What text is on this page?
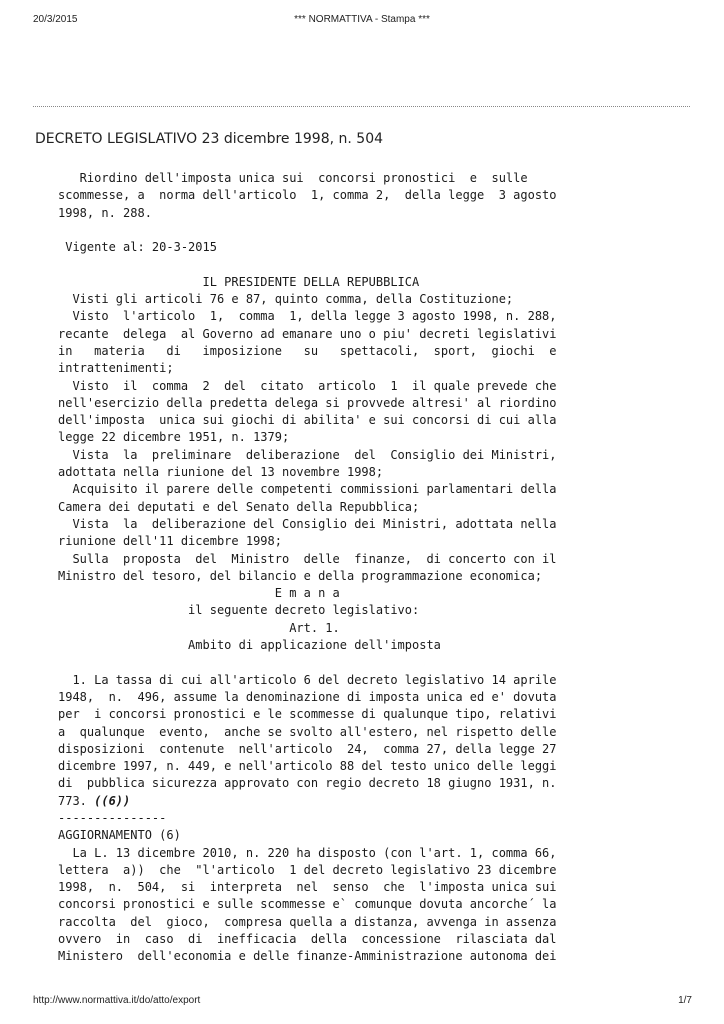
20/3/2015	*** NORMATTIVA - Stampa ***
DECRETO LEGISLATIVO 23 dicembre 1998, n. 504
Riordino dell'imposta unica sui  concorsi pronostici  e  sulle
scommesse, a  norma dell'articolo  1, comma 2,  della legge  3 agosto
1998, n. 288.

Vigente al: 20-3-2015

IL PRESIDENTE DELLA REPUBBLICA
Visti gli articoli 76 e 87, quinto comma, della Costituzione;
Visto  l'articolo  1,  comma  1, della legge 3 agosto 1998, n. 288,
recante  delega  al Governo ad emanare uno o piu' decreti legislativi
in   materia   di   imposizione   su   spettacoli,  sport,  giochi  e
intrattenimenti;
Visto  il  comma  2  del  citato  articolo  1  il quale prevede che
nell'esercizio della predetta delega si provvede altresi' al riordino
dell'imposta  unica sui giochi di abilita' e sui concorsi di cui alla
legge 22 dicembre 1951, n. 1379;
Vista  la  preliminare  deliberazione  del  Consiglio dei Ministri,
adottata nella riunione del 13 novembre 1998;
Acquisito il parere delle competenti commissioni parlamentari della
Camera dei deputati e del Senato della Repubblica;
Vista  la  deliberazione del Consiglio dei Ministri, adottata nella
riunione dell'11 dicembre 1998;
Sulla  proposta  del  Ministro  delle  finanze,  di concerto con il
Ministro del tesoro, del bilancio e della programmazione economica;
E m a n a
il seguente decreto legislativo:
Art. 1.
Ambito di applicazione dell'imposta

1. La tassa di cui all'articolo 6 del decreto legislativo 14 aprile
1948,  n.  496, assume la denominazione di imposta unica ed e' dovuta
per  i concorsi pronostici e le scommesse di qualunque tipo, relativi
a  qualunque  evento,  anche se svolto all'estero, nel rispetto delle
disposizioni  contenute  nell'articolo  24,  comma 27, della legge 27
dicembre 1997, n. 449, e nell'articolo 88 del testo unico delle leggi
di  pubblica sicurezza approvato con regio decreto 18 giugno 1931, n.
773. ((6))
---------------
AGGIORNAMENTO (6)
La L. 13 dicembre 2010, n. 220 ha disposto (con l'art. 1, comma 66,
lettera  a))  che  "l'articolo  1 del decreto legislativo 23 dicembre
1998,  n.  504,  si  interpreta  nel  senso  che  l'imposta unica sui
concorsi pronostici e sulle scommesse e` comunque dovuta ancorche´ la
raccolta  del  gioco,  compresa quella a distanza, avvenga in assenza
ovvero  in  caso  di  inefficacia  della  concessione  rilasciata dal
Ministero  dell'economia e delle finanze-Amministrazione autonoma dei
http://www.normattiva.it/do/atto/export	1/7
